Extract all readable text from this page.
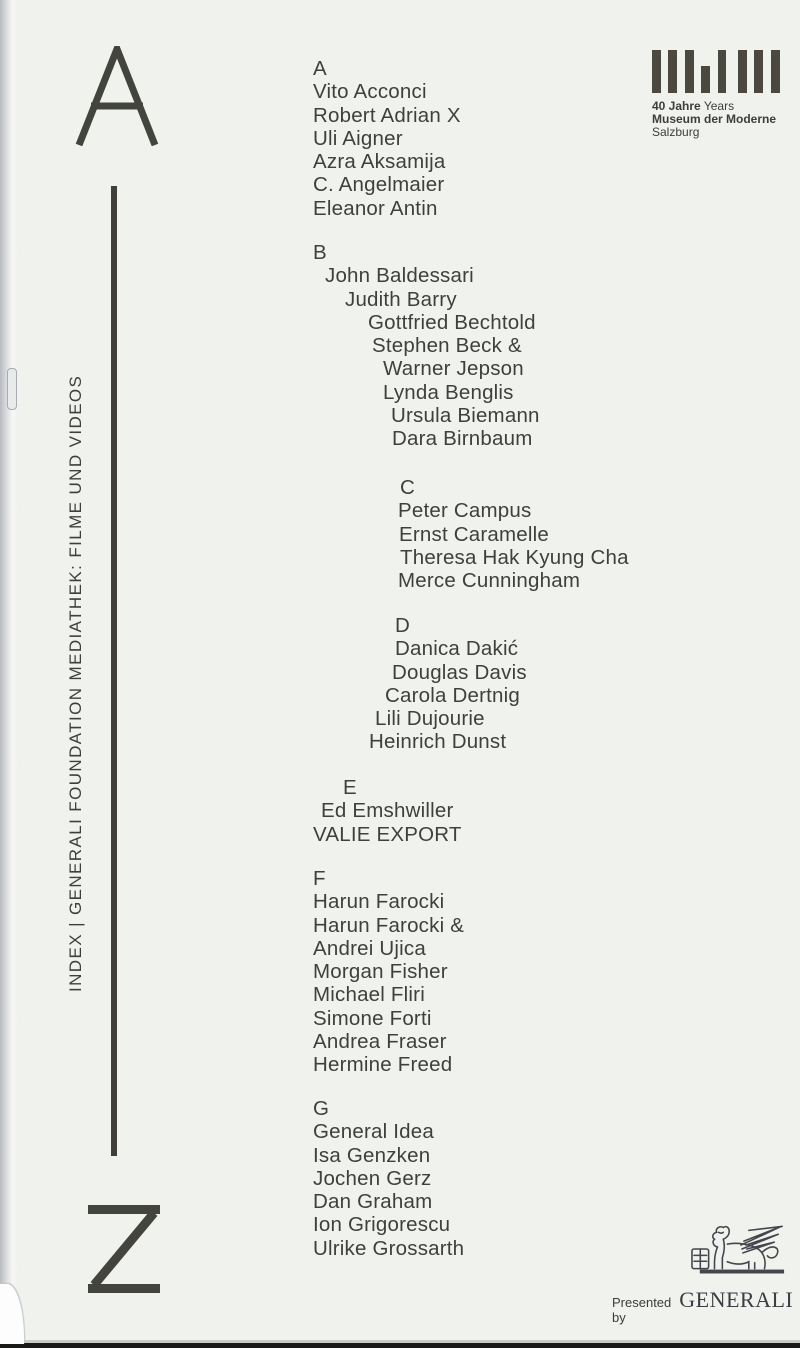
INDEX | GENERALI FOUNDATION MEDIATHEK: FILME UND VIDEOS
A
Vito Acconci
Robert Adrian X
Uli Aigner
Azra Aksamija
C. Angelmaier
Eleanor Antin
B
John Baldessari
Judith Barry
Gottfried Bechtold
Stephen Beck &
Warner Jepson
Lynda Benglis
Ursula Biemann
Dara Birnbaum
C
Peter Campus
Ernst Caramelle
Theresa Hak Kyung Cha
Merce Cunningham
D
Danica Dakić
Douglas Davis
Carola Dertnig
Lili Dujourie
Heinrich Dunst
E
Ed Emshwiller
VALIE EXPORT
F
Harun Farocki
Harun Farocki &
Andrei Ujica
Morgan Fisher
Michael Fliri
Simone Forti
Andrea Fraser
Hermine Freed
G
General Idea
Isa Genzken
Jochen Gerz
Dan Graham
Ion Grigorescu
Ulrike Grossarth
40 Jahre Years
Museum der Moderne
Salzburg
Presented by
GENERALI
